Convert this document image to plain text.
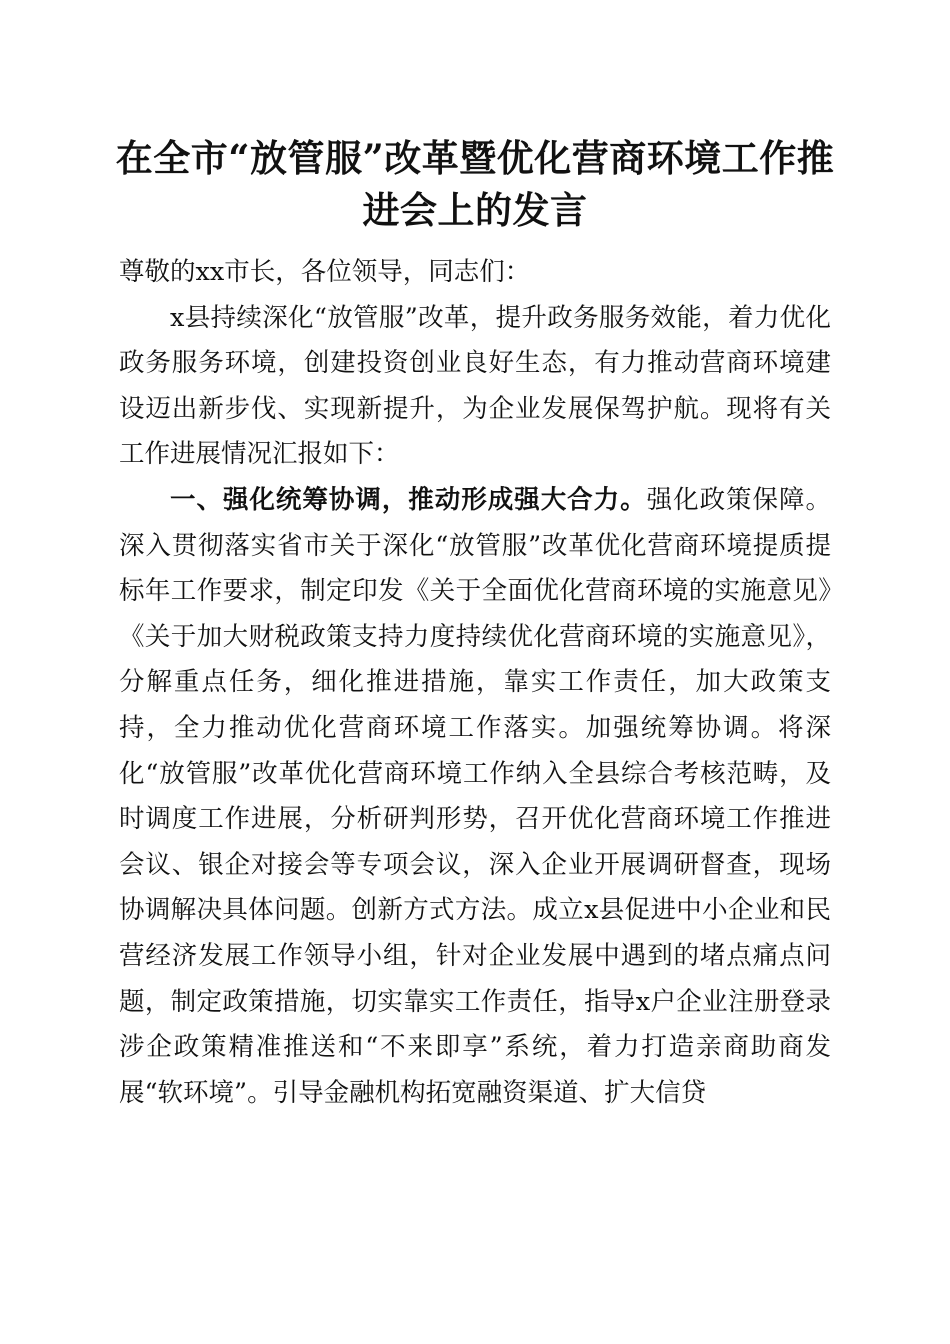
在全市“放管服”改革暨优化营商环境工作推进会上的发言

尊敬的xx市长，各位领导，同志们：

x县持续深化“放管服”改革，提升政务服务效能，着力优化政务服务环境，创建投资创业良好生态，有力推动营商环境建设迈出新步伐、实现新提升，为企业发展保驾护航。现将有关工作进展情况汇报如下：

一、强化统筹协调，推动形成强大合力。强化政策保障。深入贯彻落实省市关于深化“放管服”改革优化营商环境提质提标年工作要求，制定印发《关于全面优化营商环境的实施意见》《关于加大财税政策支持力度持续优化营商环境的实施意见》，分解重点任务，细化推进措施，靠实工作责任，加大政策支持，全力推动优化营商环境工作落实。加强统筹协调。将深化“放管服”改革优化营商环境工作纳入全县综合考核范畴，及时调度工作进展，分析研判形势，召开优化营商环境工作推进会议、银企对接会等专项会议，深入企业开展调研督查，现场协调解决具体问题。创新方式方法。成立x县促进中小企业和民营经济发展工作领导小组，针对企业发展中遇到的堵点痛点问题，制定政策措施，切实靠实工作责任，指导x户企业注册登录涉企政策精准推送和“不来即享”系统，着力打造亲商助商发展“软环境”。引导金融机构拓宽融资渠道、扩大信贷
